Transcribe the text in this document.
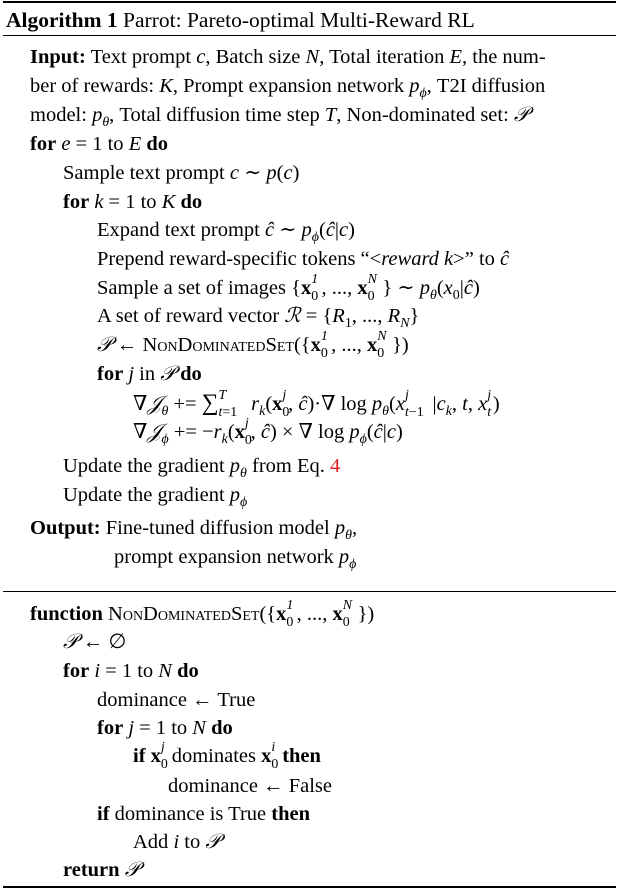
Algorithm 1 Parrot: Pareto-optimal Multi-Reward RL
Input: Text prompt c, Batch size N, Total iteration E, the num-
ber of rewards: K, Prompt expansion network $p_\phi$, T2I diffusion
model: $p_\theta$, Total diffusion time step T, Non-dominated set: 𝒫
for e = 1 to E do
Sample text prompt c ∼ p(c)
for k = 1 to K do
Expand text prompt ĉ ∼ $p_\phi(ĉ|c)$
Prepend reward-specific tokens “<reward k>” to ĉ
Sample a set of images {x 1
0 , ..., x N
0 } ∼ $p_\theta(x_0|ĉ)$
A set of reward vector ℛ = {$R_1$, ..., $R_N$}
𝒫 ← NonDominatedSet({x 1
0 , ..., x N
0 })
for j in 𝒫 do
∇𝒥$_\theta$ += ∑ T
t=1 $r_k(x$ j
0
, ĉ)·∇ $\log p_\theta(x$ j
t−1 $|c_k$, t, x j
t )
∇𝒥$_\phi$ += $-r_k(x$ j
0
, ĉ) × ∇ $\log p_\phi(ĉ|c)$
Update the gradient $p_\theta$ from Eq. 4
Update the gradient $p_\phi$
Output: Fine-tuned diffusion model $p_\theta$,
prompt expansion network $p_\phi$
function NonDominatedSet({x 1
0 , ..., x N
0 })
𝒫 ← ∅
for i = 1 to N do
dominance ← True
for j = 1 to N do
if x j
0
dominates x i
0 then
dominance ← False
if dominance is True then
Add i to 𝒫
return 𝒫
